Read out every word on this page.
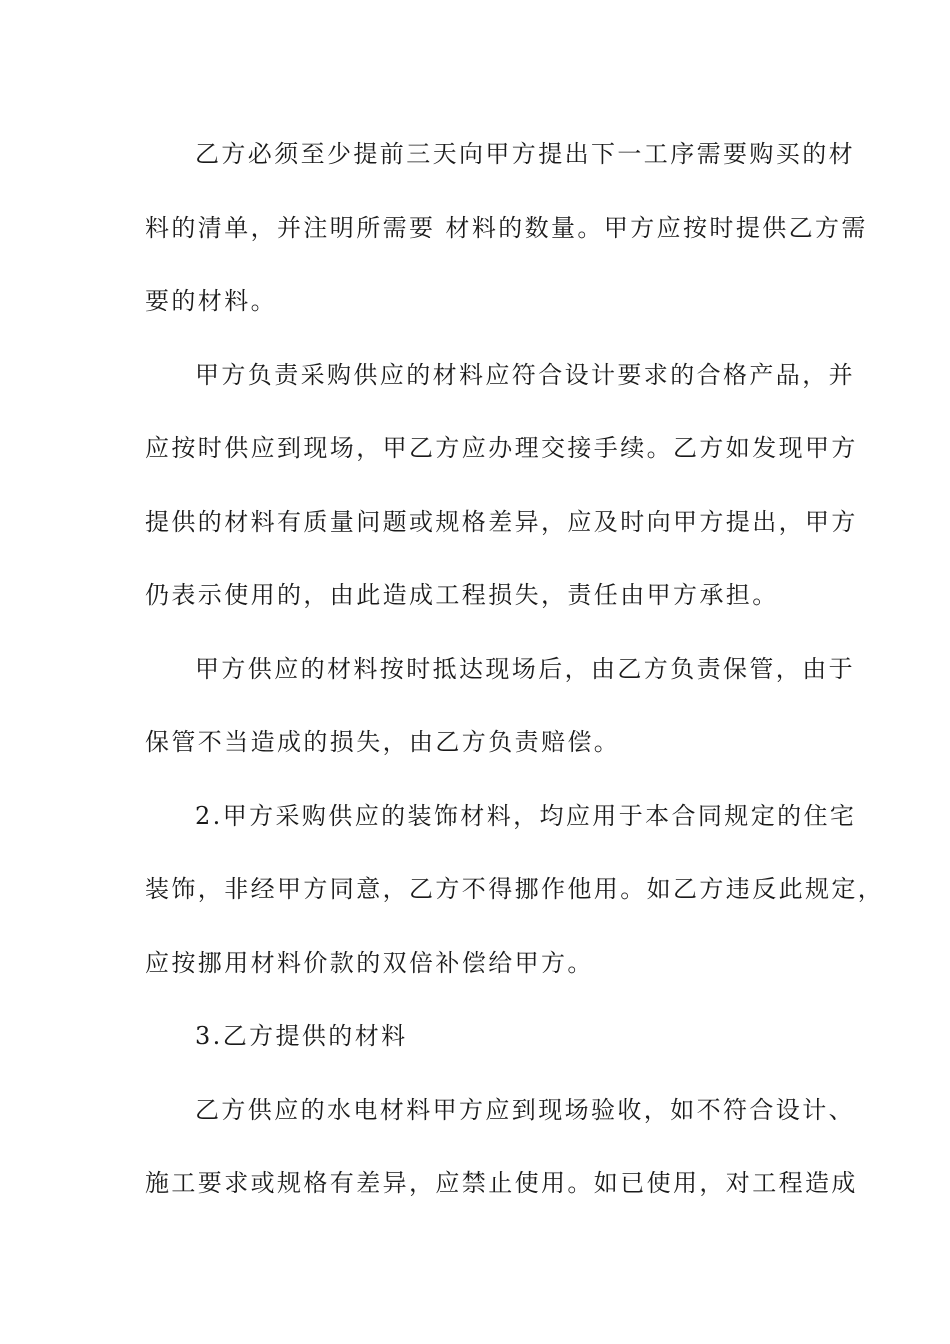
乙方必须至少提前三天向甲方提出下一工序需要购买的材
料的清单，并注明所需要 材料的数量。甲方应按时提供乙方需
要的材料。
甲方负责采购供应的材料应符合设计要求的合格产品，并
应按时供应到现场，甲乙方应办理交接手续。乙方如发现甲方
提供的材料有质量问题或规格差异，应及时向甲方提出，甲方
仍表示使用的，由此造成工程损失，责任由甲方承担。
甲方供应的材料按时抵达现场后，由乙方负责保管，由于
保管不当造成的损失，由乙方负责赔偿。
2.甲方采购供应的装饰材料，均应用于本合同规定的住宅
装饰，非经甲方同意，乙方不得挪作他用。如乙方违反此规定，
应按挪用材料价款的双倍补偿给甲方。
3.乙方提供的材料
乙方供应的水电材料甲方应到现场验收，如不符合设计、
施工要求或规格有差异，应禁止使用。如已使用，对工程造成
